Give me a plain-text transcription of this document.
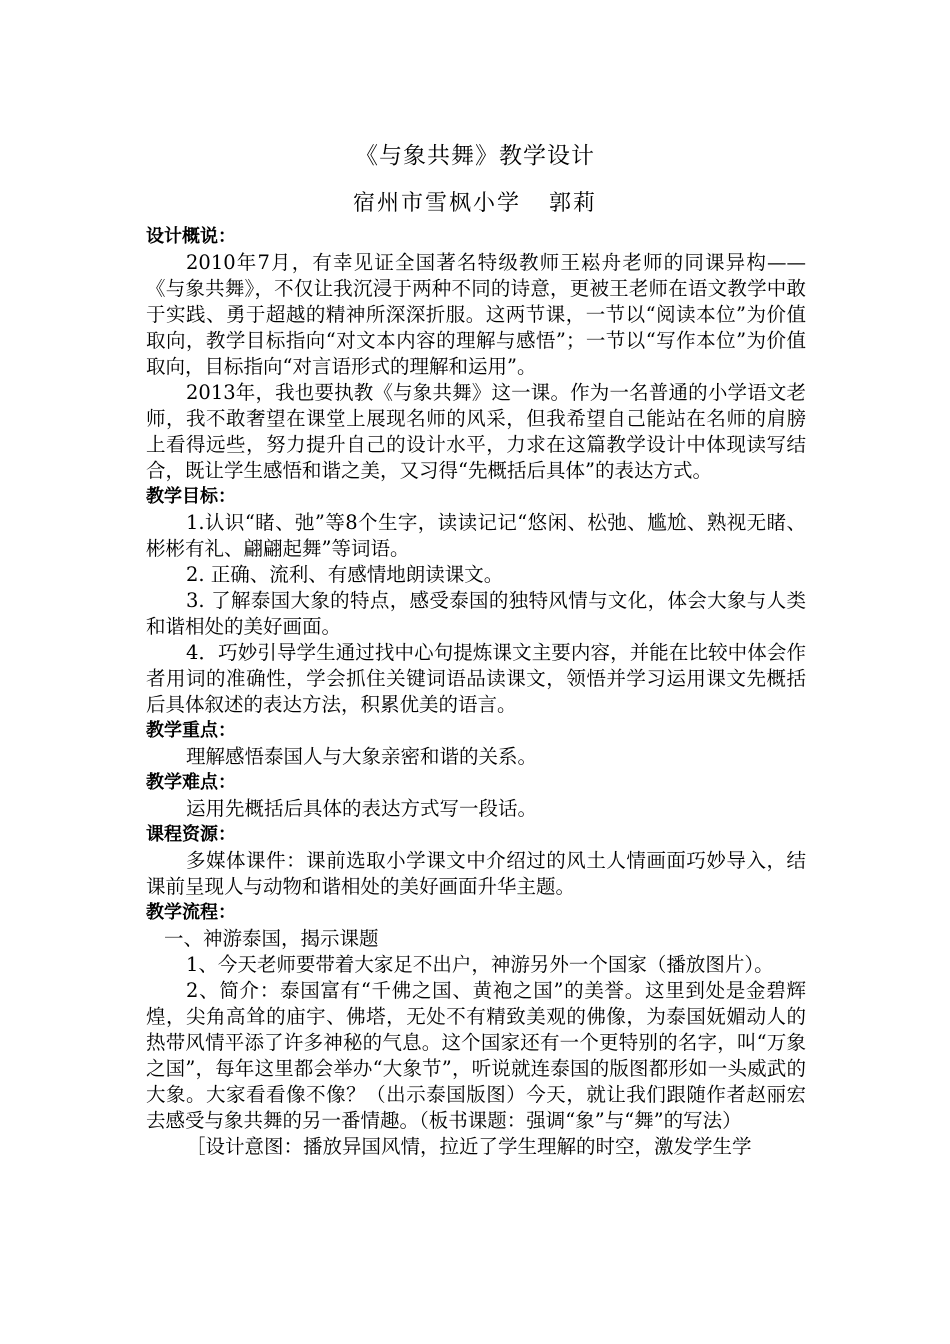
《与象共舞》教学设计
宿州市雪枫小学 郭莉

设计概说：

2010年7月，有幸见证全国著名特级教师王崧舟老师的同课异构——《与象共舞》，不仅让我沉浸于两种不同的诗意，更被王老师在语文教学中敢于实践、勇于超越的精神所深深折服。这两节课，一节以“阅读本位”为价值取向，教学目标指向“对文本内容的理解与感悟”；一节以“写作本位”为价值取向，目标指向“对言语形式的理解和运用”。

2013年，我也要执教《与象共舞》这一课。作为一名普通的小学语文老师，我不敢奢望在课堂上展现名师的风采，但我希望自己能站在名师的肩膀上看得远些，努力提升自己的设计水平，力求在这篇教学设计中体现读写结合，既让学生感悟和谐之美，又习得“先概括后具体”的表达方式。

教学目标：

1.认识“睹、弛”等8个生字，读读记记“悠闲、松弛、尴尬、熟视无睹、彬彬有礼、翩翩起舞”等词语。

2. 正确、流利、有感情地朗读课文。

3. 了解泰国大象的特点，感受泰国的独特风情与文化，体会大象与人类和谐相处的美好画面。

4．巧妙引导学生通过找中心句提炼课文主要内容，并能在比较中体会作者用词的准确性，学会抓住关键词语品读课文，领悟并学习运用课文先概括后具体叙述的表达方法，积累优美的语言。

教学重点：

理解感悟泰国人与大象亲密和谐的关系。

教学难点：

运用先概括后具体的表达方式写一段话。

课程资源：

多媒体课件：课前选取小学课文中介绍过的风土人情画面巧妙导入，结课前呈现人与动物和谐相处的美好画面升华主题。

教学流程：

一、神游泰国，揭示课题

1、今天老师要带着大家足不出户，神游另外一个国家（播放图片）。

2、简介：泰国富有“千佛之国、黄袍之国”的美誉。这里到处是金碧辉煌，尖角高耸的庙宇、佛塔，无处不有精致美观的佛像，为泰国妩媚动人的热带风情平添了许多神秘的气息。这个国家还有一个更特别的名字，叫“万象之国”，每年这里都会举办“大象节”，听说就连泰国的版图都形如一头威武的大象。大家看看像不像？（出示泰国版图）今天，就让我们跟随作者赵丽宏去感受与象共舞的另一番情趣。（板书课题：强调“象”与“舞”的写法）

［设计意图：播放异国风情，拉近了学生理解的时空，激发学生学
